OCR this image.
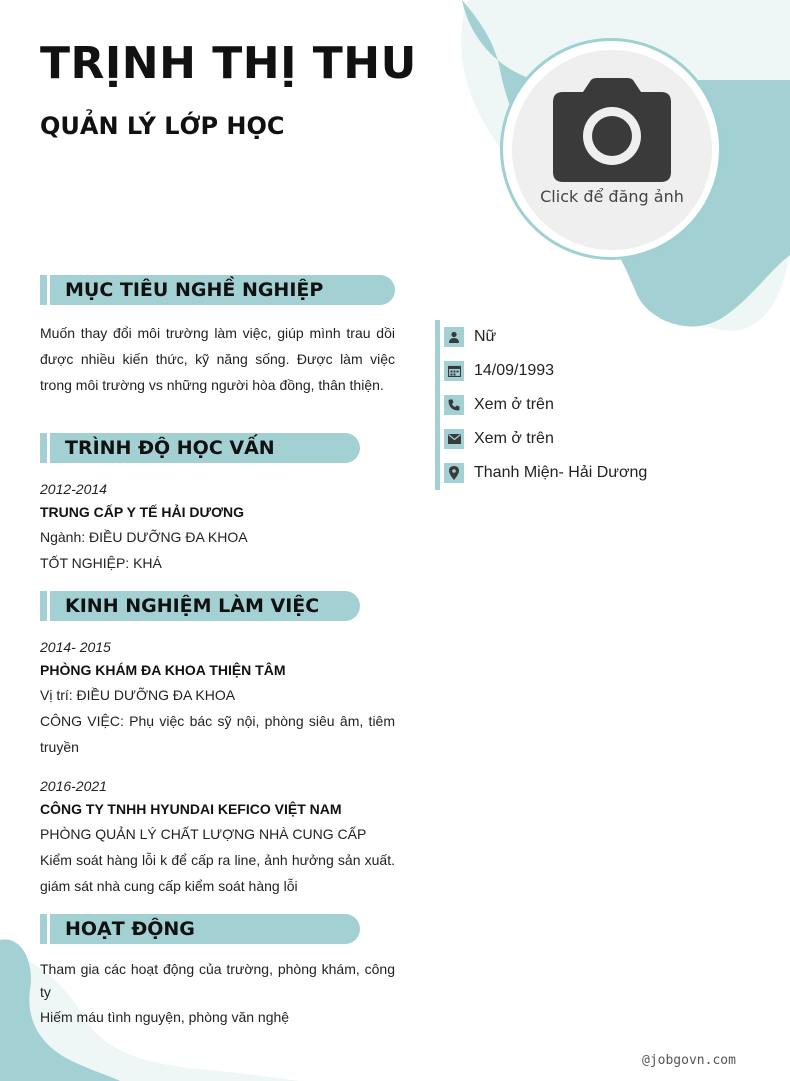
TRỊNH THỊ THU
QUẢN LÝ LỚP HỌC
Click để đăng ảnh
MỤC TIÊU NGHỀ NGHIỆP

Muốn thay đổi môi trường làm việc, giúp mình trau dồi được nhiều kiến thức, kỹ năng sống. Được làm việc trong môi trường vs những người hòa đồng, thân thiện.

TRÌNH ĐỘ HỌC VẤN
2012-2014
TRUNG CẤP Y TẾ HẢI DƯƠNG
Ngành: ĐIỀU DƯỠNG ĐA KHOA
TỐT NGHIỆP: KHÁ
KINH NGHIỆM LÀM VIỆC
2014- 2015
PHÒNG KHÁM ĐA KHOA THIỆN TÂM
Vị trí: ĐIỀU DƯỠNG ĐA KHOA
CÔNG VIỆC: Phụ việc bác sỹ nội, phòng siêu âm, tiêm truyền
2016-2021
CÔNG TY TNHH HYUNDAI KEFICO VIỆT NAM
PHÒNG QUẢN LÝ CHẤT LƯỢNG NHÀ CUNG CẤP
Kiểm soát hàng lỗi k để cấp ra line, ảnh hưởng sản xuất. giám sát nhà cung cấp kiểm soát hàng lỗi
HOẠT ĐỘNG
Tham gia các hoạt động của trường, phòng khám, công ty
Hiếm máu tình nguyện, phòng văn nghệ
Nữ
14/09/1993
Xem ở trên
Xem ở trên
Thanh Miện- Hải Dương
@jobgovn.com
